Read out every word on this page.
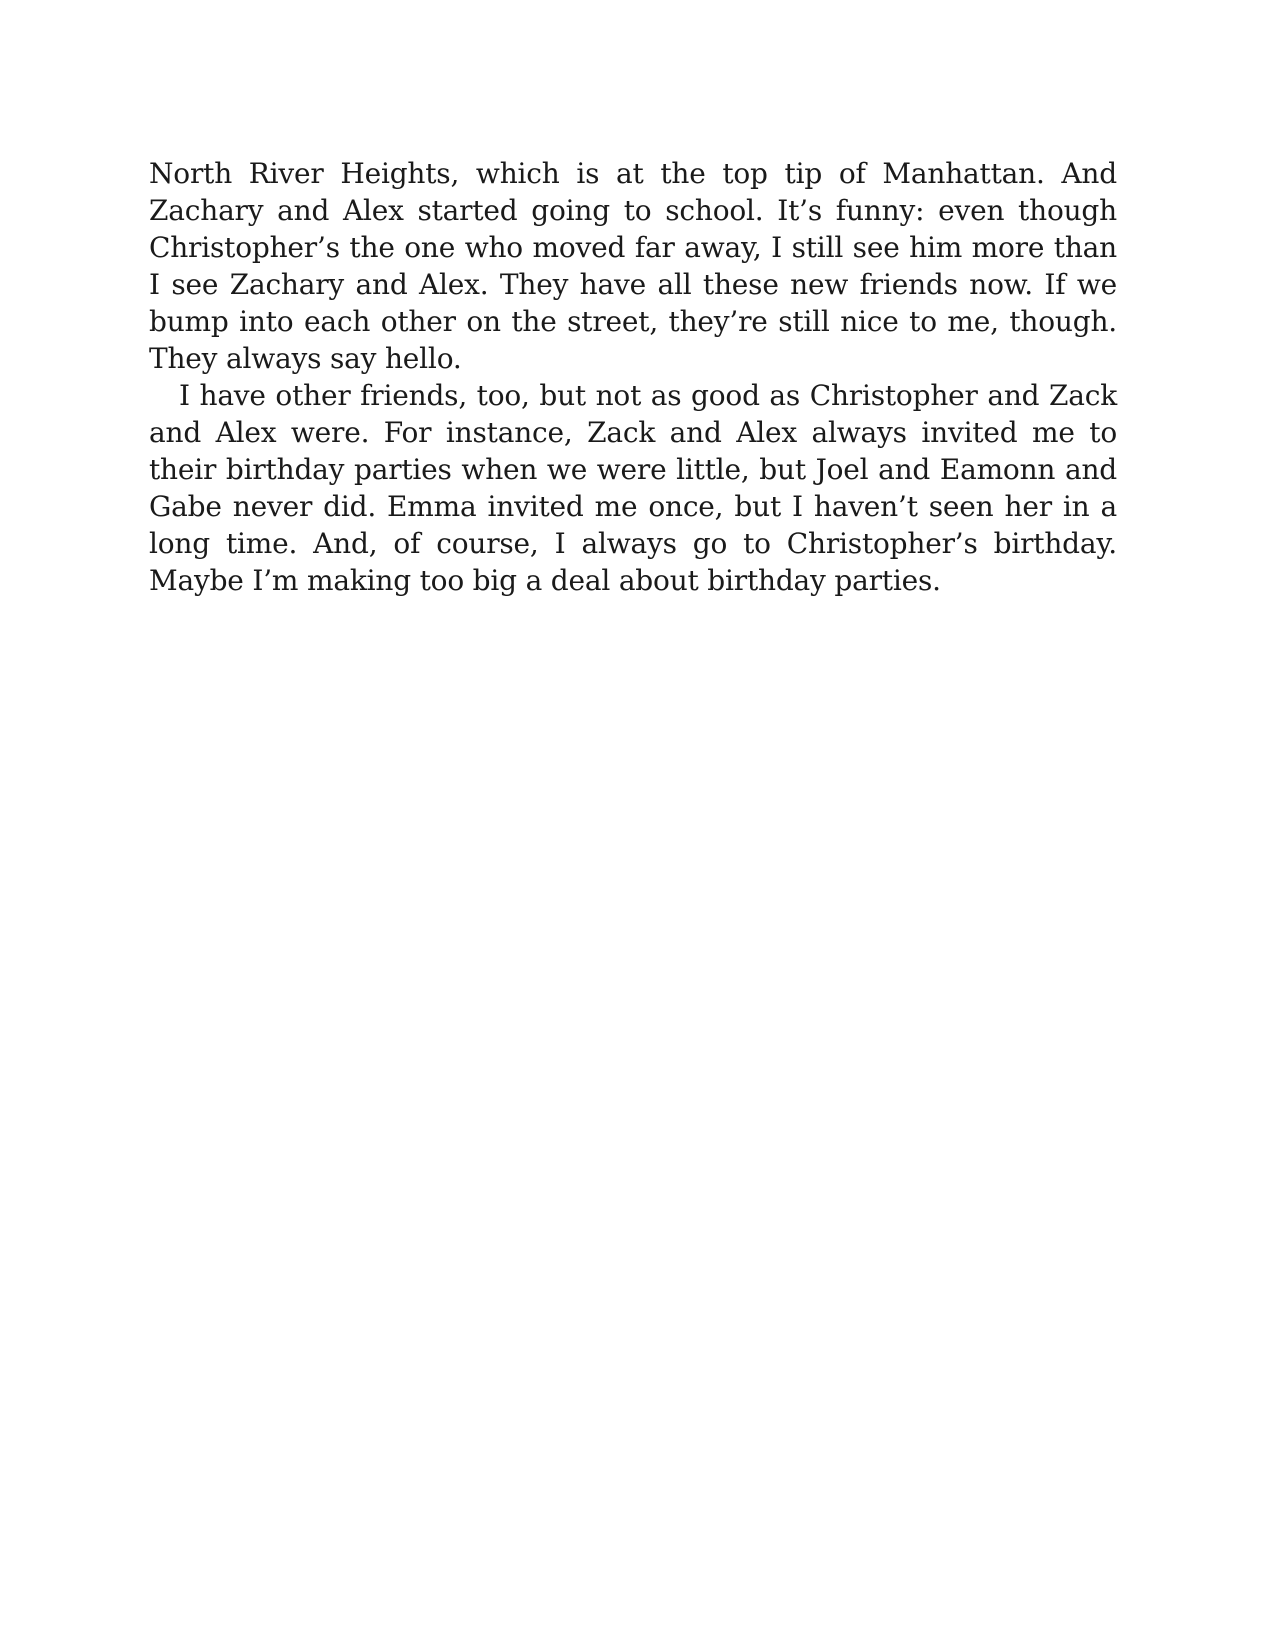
North River Heights, which is at the top tip of Manhattan. And Zachary and Alex started going to school. It’s funny: even though Christopher’s the one who moved far away, I still see him more than I see Zachary and Alex. They have all these new friends now. If we bump into each other on the street, they’re still nice to me, though. They always say hello.

I have other friends, too, but not as good as Christopher and Zack and Alex were. For instance, Zack and Alex always invited me to their birthday parties when we were little, but Joel and Eamonn and Gabe never did. Emma invited me once, but I haven’t seen her in a long time. And, of course, I always go to Christopher’s birthday. Maybe I’m making too big a deal about birthday parties.
